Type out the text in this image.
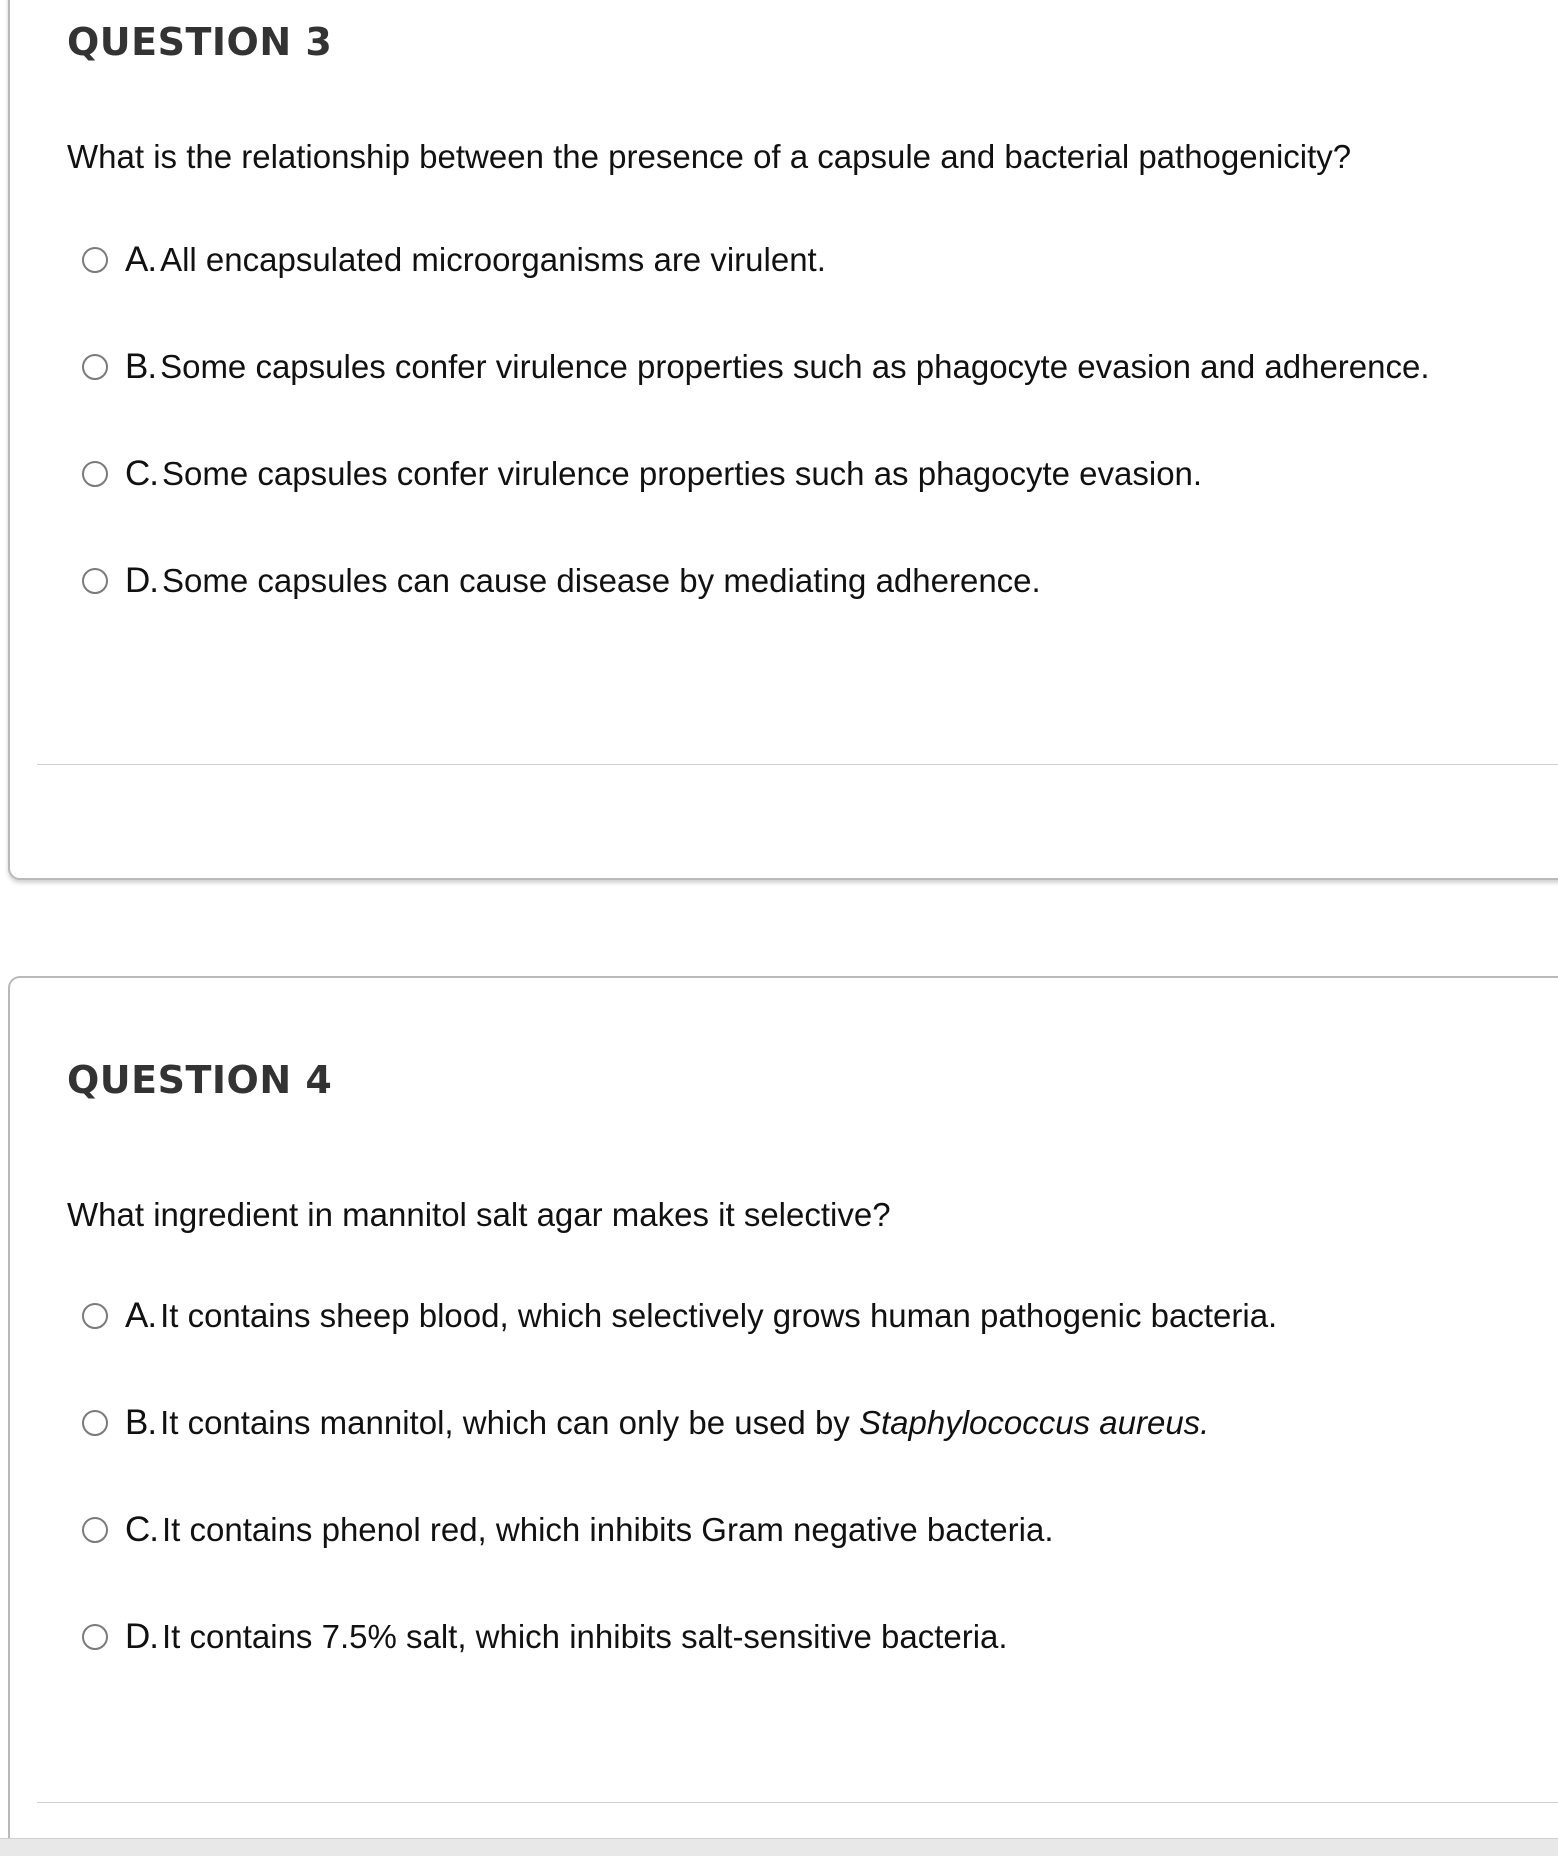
QUESTION 3

What is the relationship between the presence of a capsule and bacterial pathogenicity?

A. All encapsulated microorganisms are virulent.
B. Some capsules confer virulence properties such as phagocyte evasion and adherence.
C. Some capsules confer virulence properties such as phagocyte evasion.
D. Some capsules can cause disease by mediating adherence.
QUESTION 4

What ingredient in mannitol salt agar makes it selective?

A. It contains sheep blood, which selectively grows human pathogenic bacteria.
B. It contains mannitol, which can only be used by Staphylococcus aureus.
C. It contains phenol red, which inhibits Gram negative bacteria.
D. It contains 7.5% salt, which inhibits salt-sensitive bacteria.
